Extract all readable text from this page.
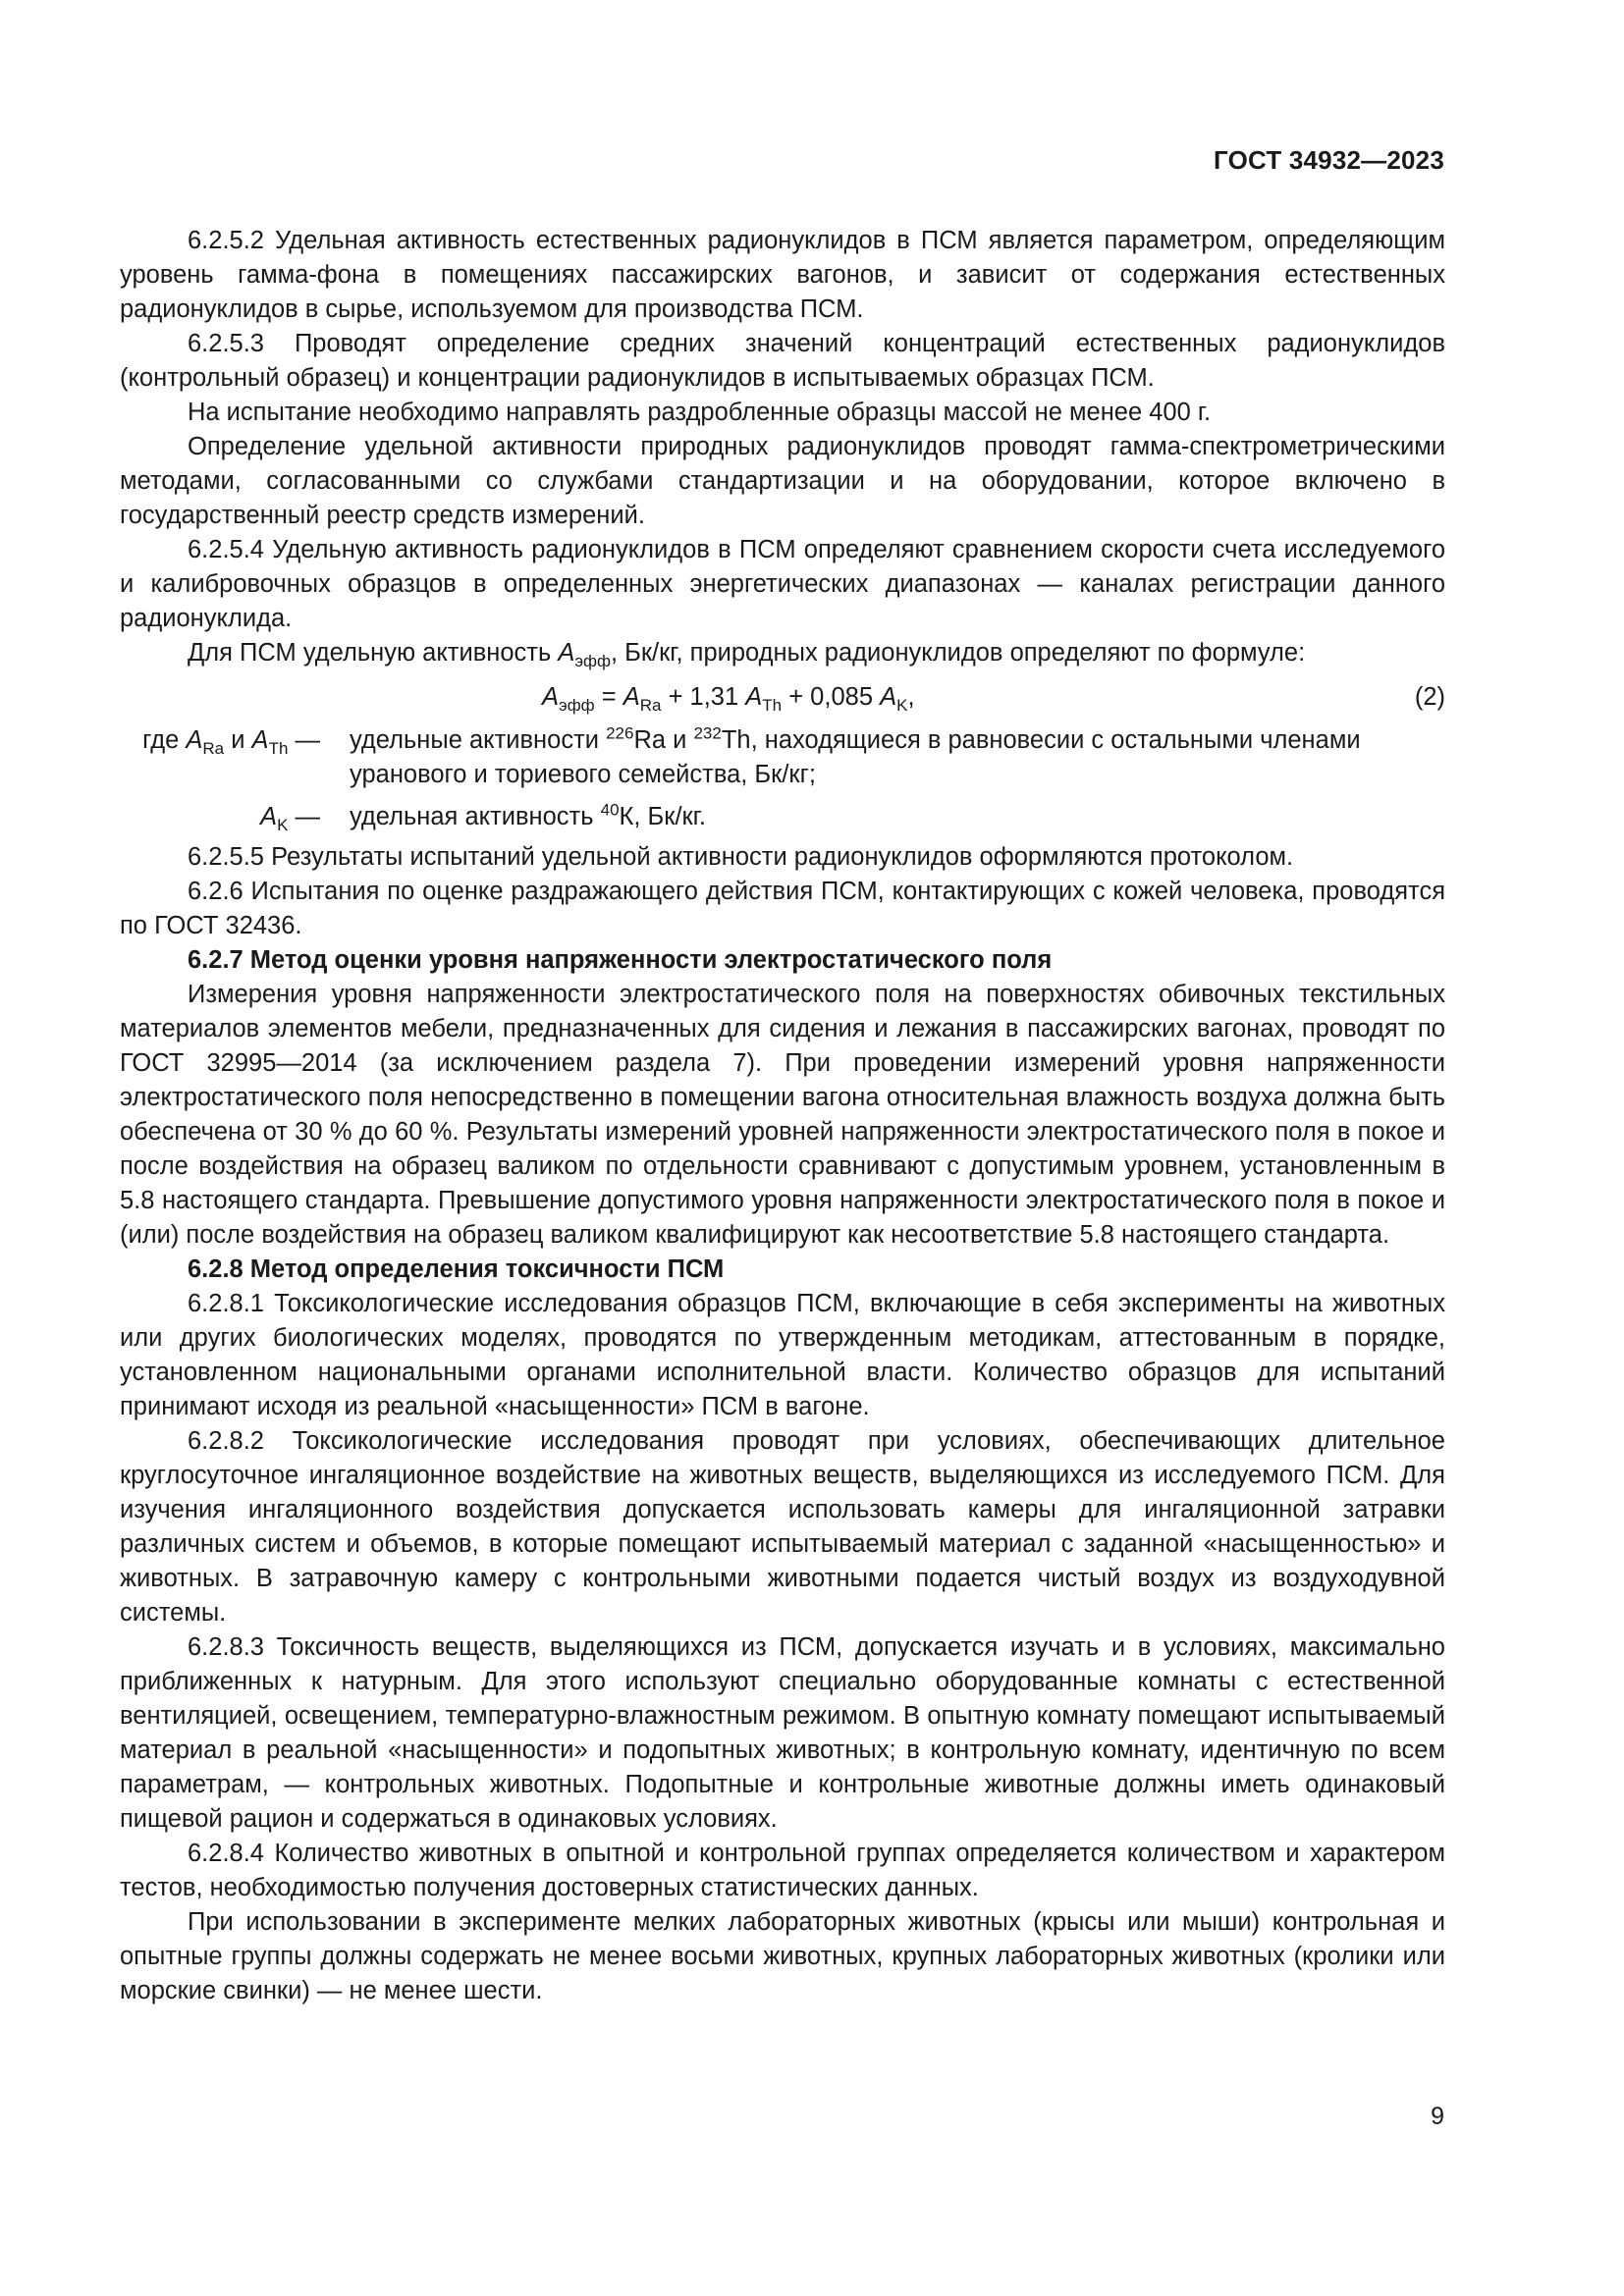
ГОСТ 34932—2023

6.2.5.2 Удельная активность естественных радионуклидов в ПСМ является параметром, определяющим уровень гамма-фона в помещениях пассажирских вагонов, и зависит от содержания естественных радионуклидов в сырье, используемом для производства ПСМ.

6.2.5.3 Проводят определение средних значений концентраций естественных радионуклидов (контрольный образец) и концентрации радионуклидов в испытываемых образцах ПСМ.

На испытание необходимо направлять раздробленные образцы массой не менее 400 г.

Определение удельной активности природных радионуклидов проводят гамма-спектрометрическими методами, согласованными со службами стандартизации и на оборудовании, которое включено в государственный реестр средств измерений.

6.2.5.4 Удельную активность радионуклидов в ПСМ определяют сравнением скорости счета исследуемого и калибровочных образцов в определенных энергетических диапазонах — каналах регистрации данного радионуклида.

Для ПСМ удельную активность $A_{эфф}$, Бк/кг, природных радионуклидов определяют по формуле:

$A_{эфф} = A_{Ra} + 1,31$ $A_{Th} + 0,085$ $A_K$,	(2)
где $A_{Ra}$ и $A_{Th}$ —	удельные активности $^{226}$Ra и $^{232}$Th, находящиеся в равновесии с остальными членами уранового и ториевого семейства, Бк/кг;
$A_K$ —	удельная активность $^{40}$К, Бк/кг.

6.2.5.5 Результаты испытаний удельной активности радионуклидов оформляются протоколом.

6.2.6 Испытания по оценке раздражающего действия ПСМ, контактирующих с кожей человека, проводятся по ГОСТ 32436.

6.2.7 Метод оценки уровня напряженности электростатического поля

Измерения уровня напряженности электростатического поля на поверхностях обивочных текстильных материалов элементов мебели, предназначенных для сидения и лежания в пассажирских вагонах, проводят по ГОСТ 32995—2014 (за исключением раздела 7). При проведении измерений уровня напряженности электростатического поля непосредственно в помещении вагона относительная влажность воздуха должна быть обеспечена от 30 % до 60 %. Результаты измерений уровней напряженности электростатического поля в покое и после воздействия на образец валиком по отдельности сравнивают с допустимым уровнем, установленным в 5.8 настоящего стандарта. Превышение допустимого уровня напряженности электростатического поля в покое и (или) после воздействия на образец валиком квалифицируют как несоответствие 5.8 настоящего стандарта.

6.2.8 Метод определения токсичности ПСМ

6.2.8.1 Токсикологические исследования образцов ПСМ, включающие в себя эксперименты на животных или других биологических моделях, проводятся по утвержденным методикам, аттестованным в порядке, установленном национальными органами исполнительной власти. Количество образцов для испытаний принимают исходя из реальной «насыщенности» ПСМ в вагоне.

6.2.8.2 Токсикологические исследования проводят при условиях, обеспечивающих длительное круглосуточное ингаляционное воздействие на животных веществ, выделяющихся из исследуемого ПСМ. Для изучения ингаляционного воздействия допускается использовать камеры для ингаляционной затравки различных систем и объемов, в которые помещают испытываемый материал с заданной «насыщенностью» и животных. В затравочную камеру с контрольными животными подается чистый воздух из воздуходувной системы.

6.2.8.3 Токсичность веществ, выделяющихся из ПСМ, допускается изучать и в условиях, максимально приближенных к натурным. Для этого используют специально оборудованные комнаты с естественной вентиляцией, освещением, температурно-влажностным режимом. В опытную комнату помещают испытываемый материал в реальной «насыщенности» и подопытных животных; в контрольную комнату, идентичную по всем параметрам, — контрольных животных. Подопытные и контрольные животные должны иметь одинаковый пищевой рацион и содержаться в одинаковых условиях.

6.2.8.4 Количество животных в опытной и контрольной группах определяется количеством и характером тестов, необходимостью получения достоверных статистических данных.

При использовании в эксперименте мелких лабораторных животных (крысы или мыши) контрольная и опытные группы должны содержать не менее восьми животных, крупных лабораторных животных (кролики или морские свинки) — не менее шести.

9
